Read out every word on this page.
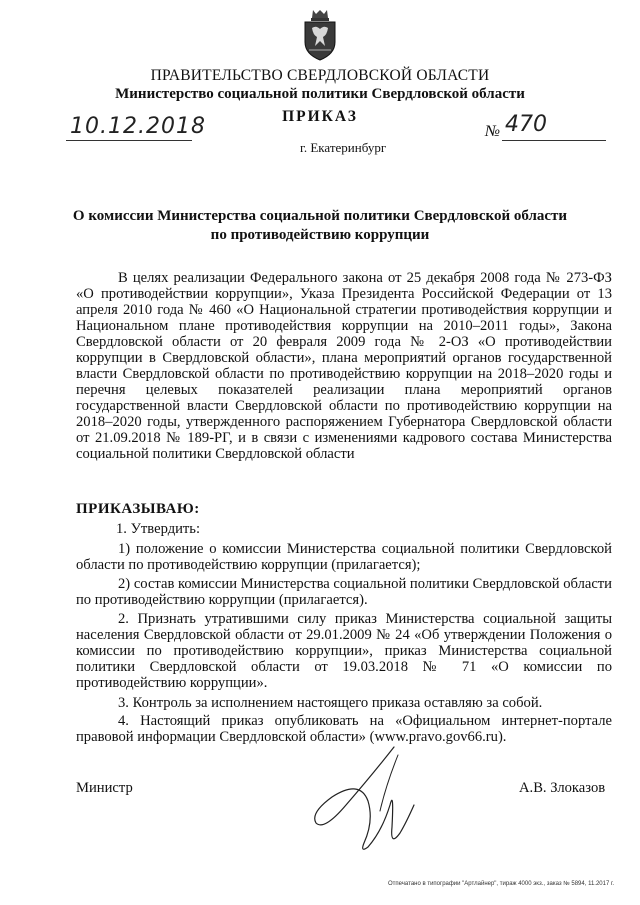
ПРАВИТЕЛЬСТВО СВЕРДЛОВСКОЙ ОБЛАСТИ
Министерство социальной политики Свердловской области
ПРИКАЗ
10.12.2018	№ 470
г. Екатеринбург
О комиссии Министерства социальной политики Свердловской области
по противодействию коррупции
В целях реализации Федерального закона от 25 декабря 2008 года № 273-ФЗ «О противодействии коррупции», Указа Президента Российской Федерации от 13 апреля 2010 года № 460 «О Национальной стратегии противодействия коррупции и Национальном плане противодействия коррупции на 2010–2011 годы», Закона Свердловской области от 20 февраля 2009 года № 2-ОЗ «О противодействии коррупции в Свердловской области», плана мероприятий органов государственной власти Свердловской области по противодействию коррупции на 2018–2020 годы и перечня целевых показателей реализации плана мероприятий органов государственной власти Свердловской области по противодействию коррупции на 2018–2020 годы, утвержденного распоряжением Губернатора Свердловской области от 21.09.2018 № 189-РГ, и в связи с изменениями кадрового состава Министерства социальной политики Свердловской области
ПРИКАЗЫВАЮ:
1. Утвердить:
1) положение о комиссии Министерства социальной политики Свердловской области по противодействию коррупции (прилагается);
2) состав комиссии Министерства социальной политики Свердловской области по противодействию коррупции (прилагается).
2. Признать утратившими силу приказ Министерства социальной защиты населения Свердловской области от 29.01.2009 № 24 «Об утверждении Положения о комиссии по противодействию коррупции», приказ Министерства социальной политики Свердловской области от 19.03.2018 № 71 «О комиссии по противодействию коррупции».
3. Контроль за исполнением настоящего приказа оставляю за собой.
4. Настоящий приказ опубликовать на «Официальном интернет-портале правовой информации Свердловской области» (www.pravo.gov66.ru).
Министр	А.В. Злоказов
Отпечатано в типографии "Артлайнер", тираж 4000 экз., заказ № 5894, 11.2017 г.
